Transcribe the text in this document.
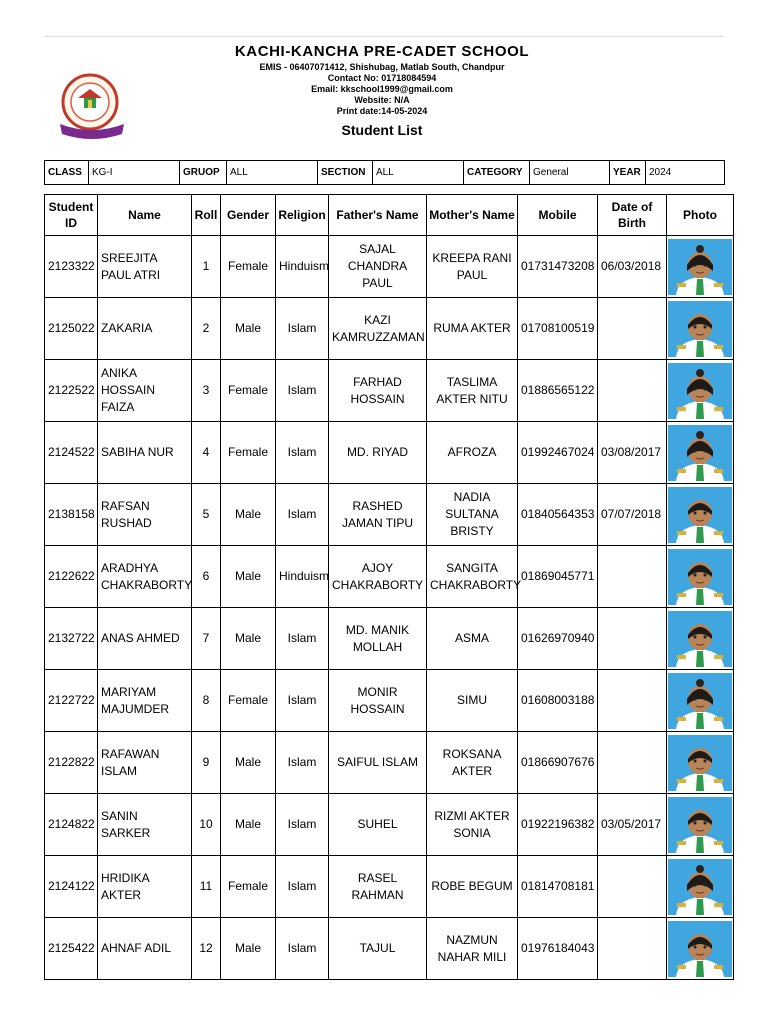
KACHI-KANCHA PRE-CADET SCHOOL
EMIS - 06407071412, Shishubag, Matlab South, Chandpur
Contact No: 01718084594
Email: kkschool1999@gmail.com
Website: N/A
Print date:14-05-2024
Student List
CLASS	KG-I	GRUOP	ALL	SECTION	ALL	CATEGORY	General	YEAR	2024
Student ID	Name	Roll	Gender	Religion	Father's Name	Mother's Name	Mobile	Date of Birth	Photo
2123322	SREEJITA PAUL ATRI	1	Female	Hinduism	SAJAL CHANDRA PAUL	KREEPA RANI PAUL	01731473208	06/03/2018	

2125022	ZAKARIA	2	Male	Islam	KAZI KAMRUZZAMAN	RUMA AKTER	01708100519		

2122522	ANIKA HOSSAIN FAIZA	3	Female	Islam	FARHAD HOSSAIN	TASLIMA AKTER NITU	01886565122		

2124522	SABIHA NUR	4	Female	Islam	MD. RIYAD	AFROZA	01992467024	03/08/2017	

2138158	RAFSAN RUSHAD	5	Male	Islam	RASHED JAMAN TIPU	NADIA SULTANA BRISTY	01840564353	07/07/2018	

2122622	ARADHYA CHAKRABORTY	6	Male	Hinduism	AJOY CHAKRABORTY	SANGITA CHAKRABORTY	01869045771		

2132722	ANAS AHMED	7	Male	Islam	MD. MANIK MOLLAH	ASMA	01626970940		

2122722	MARIYAM MAJUMDER	8	Female	Islam	MONIR HOSSAIN	SIMU	01608003188		

2122822	RAFAWAN ISLAM	9	Male	Islam	SAIFUL ISLAM	ROKSANA AKTER	01866907676		

2124822	SANIN SARKER	10	Male	Islam	SUHEL	RIZMI AKTER SONIA	01922196382	03/05/2017	

2124122	HRIDIKA AKTER	11	Female	Islam	RASEL RAHMAN	ROBE BEGUM	01814708181		

2125422	AHNAF ADIL	12	Male	Islam	TAJUL	NAZMUN NAHAR MILI	01976184043		
